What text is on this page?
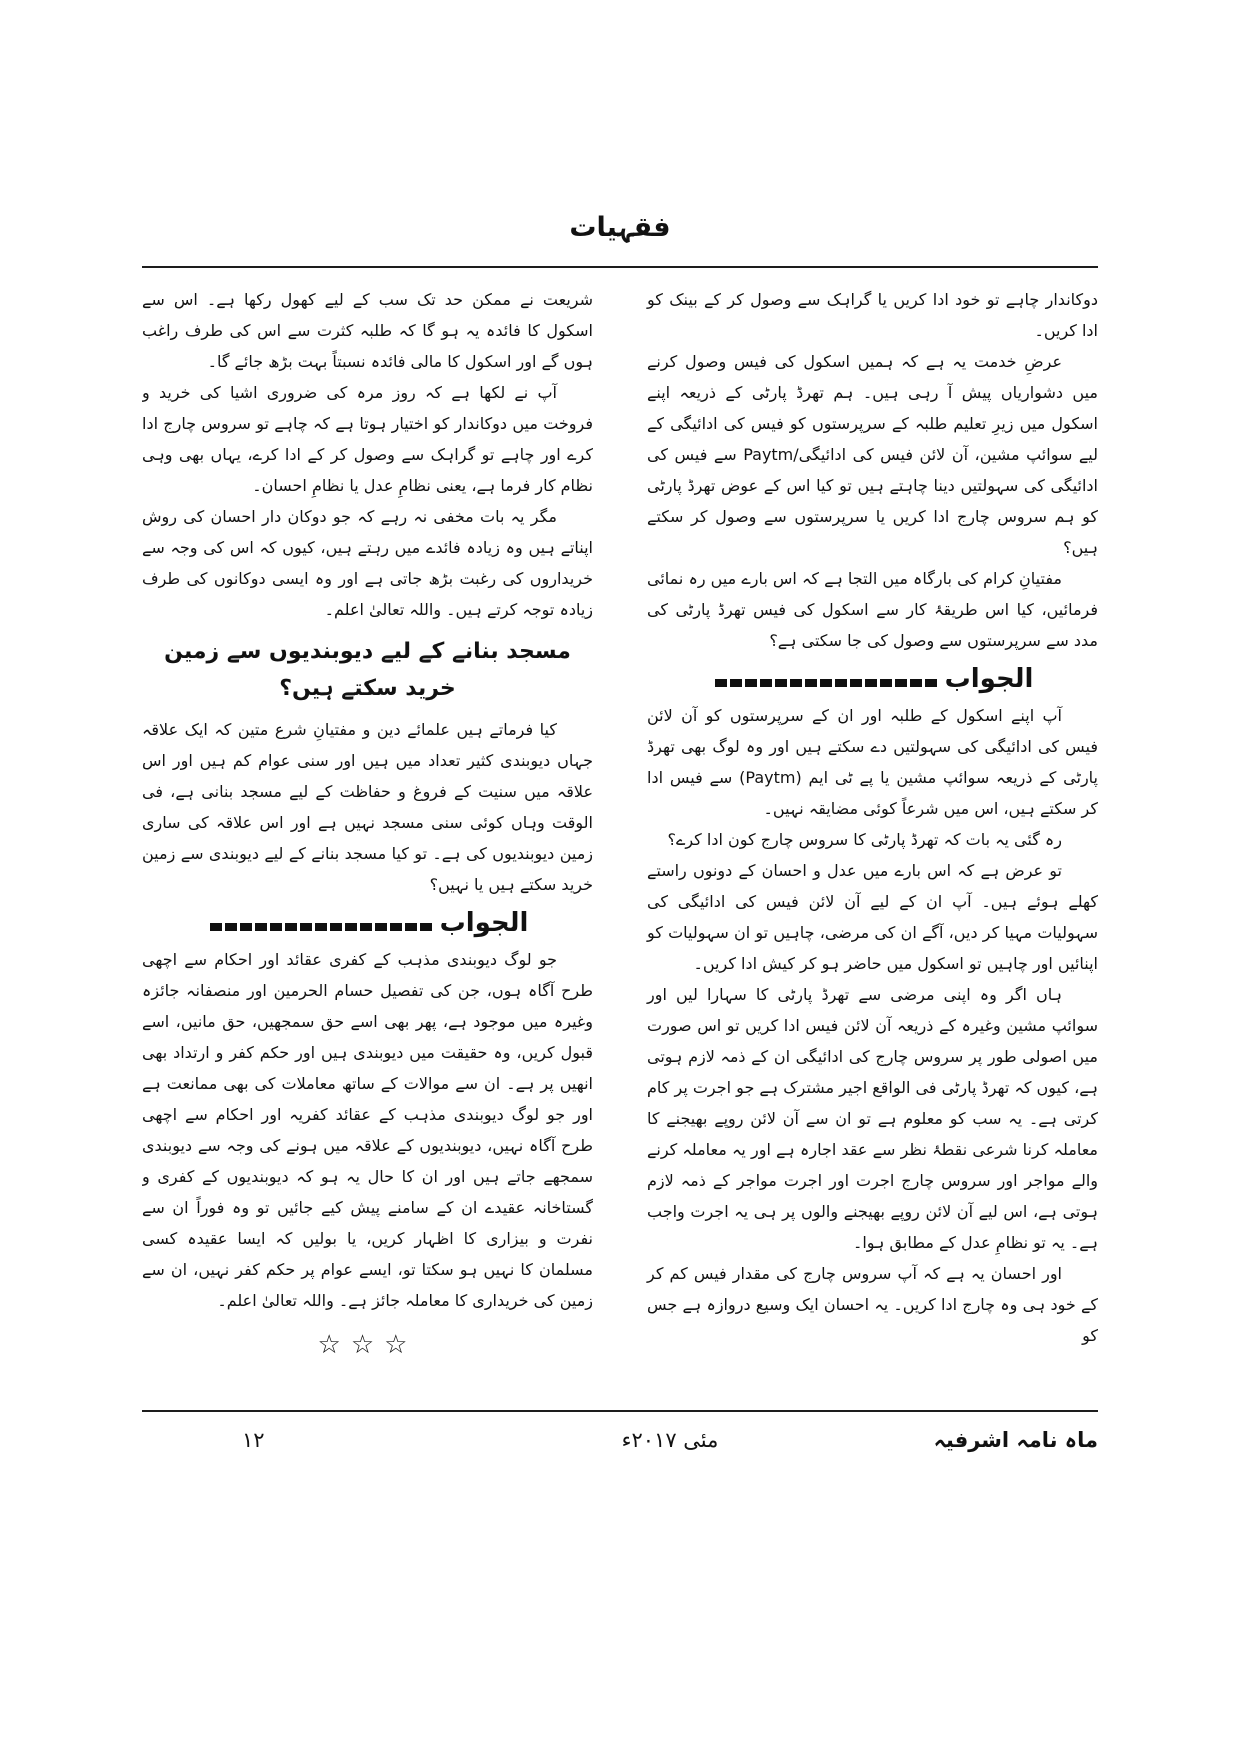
فقہیات

دوکاندار چاہے تو خود ادا کریں یا گراہک سے وصول کر کے بینک کو ادا کریں۔

عرضِ خدمت یہ ہے کہ ہمیں اسکول کی فیس وصول کرنے میں دشواریاں پیش آ رہی ہیں۔ ہم تھرڈ پارٹی کے ذریعہ اپنے اسکول میں زیرِ تعلیم طلبہ کے سرپرستوں کو فیس کی ادائیگی کے لیے سوائپ مشین، آن لائن فیس کی ادائیگی/Paytm سے فیس کی ادائیگی کی سہولتیں دینا چاہتے ہیں تو کیا اس کے عوض تھرڈ پارٹی کو ہم سروس چارج ادا کریں یا سرپرستوں سے وصول کر سکتے ہیں؟

مفتیانِ کرام کی بارگاہ میں التجا ہے کہ اس بارے میں رہ نمائی فرمائیں، کیا اس طریقۂ کار سے اسکول کی فیس تھرڈ پارٹی کی مدد سے سرپرستوں سے وصول کی جا سکتی ہے؟

الجواب

آپ اپنے اسکول کے طلبہ اور ان کے سرپرستوں کو آن لائن فیس کی ادائیگی کی سہولتیں دے سکتے ہیں اور وہ لوگ بھی تھرڈ پارٹی کے ذریعہ سوائپ مشین یا پے ٹی ایم (Paytm) سے فیس ادا کر سکتے ہیں، اس میں شرعاً کوئی مضایقہ نہیں۔

رہ گئی یہ بات کہ تھرڈ پارٹی کا سروس چارج کون ادا کرے؟

تو عرض ہے کہ اس بارے میں عدل و احسان کے دونوں راستے کھلے ہوئے ہیں۔ آپ ان کے لیے آن لائن فیس کی ادائیگی کی سہولیات مہیا کر دیں، آگے ان کی مرضی، چاہیں تو ان سہولیات کو اپنائیں اور چاہیں تو اسکول میں حاضر ہو کر کیش ادا کریں۔

ہاں اگر وہ اپنی مرضی سے تھرڈ پارٹی کا سہارا لیں اور سوائپ مشین وغیرہ کے ذریعہ آن لائن فیس ادا کریں تو اس صورت میں اصولی طور پر سروس چارج کی ادائیگی ان کے ذمہ لازم ہوتی ہے، کیوں کہ تھرڈ پارٹی فی الواقع اجیر مشترک ہے جو اجرت پر کام کرتی ہے۔ یہ سب کو معلوم ہے تو ان سے آن لائن روپے بھیجنے کا معاملہ کرنا شرعی نقطۂ نظر سے عقد اجارہ ہے اور یہ معاملہ کرنے والے مواجر اور سروس چارج اجرت اور اجرت مواجر کے ذمہ لازم ہوتی ہے، اس لیے آن لائن روپے بھیجنے والوں پر ہی یہ اجرت واجب ہے۔ یہ تو نظامِ عدل کے مطابق ہوا۔

اور احسان یہ ہے کہ آپ سروس چارج کی مقدار فیس کم کر کے خود ہی وہ چارج ادا کریں۔ یہ احسان ایک وسیع دروازہ ہے جس کو

شریعت نے ممکن حد تک سب کے لیے کھول رکھا ہے۔ اس سے اسکول کا فائدہ یہ ہو گا کہ طلبہ کثرت سے اس کی طرف راغب ہوں گے اور اسکول کا مالی فائدہ نسبتاً بہت بڑھ جائے گا۔

آپ نے لکھا ہے کہ روز مرہ کی ضروری اشیا کی خرید و فروخت میں دوکاندار کو اختیار ہوتا ہے کہ چاہے تو سروس چارج ادا کرے اور چاہے تو گراہک سے وصول کر کے ادا کرے، یہاں بھی وہی نظام کار فرما ہے، یعنی نظامِ عدل یا نظامِ احسان۔

مگر یہ بات مخفی نہ رہے کہ جو دوکان دار احسان کی روش اپناتے ہیں وہ زیادہ فائدے میں رہتے ہیں، کیوں کہ اس کی وجہ سے خریداروں کی رغبت بڑھ جاتی ہے اور وہ ایسی دوکانوں کی طرف زیادہ توجہ کرتے ہیں۔ واللہ تعالیٰ اعلم۔

مسجد بنانے کے لیے دیوبندیوں سے زمین خرید سکتے ہیں؟

کیا فرماتے ہیں علمائے دین و مفتیانِ شرع متین کہ ایک علاقہ جہاں دیوبندی کثیر تعداد میں ہیں اور سنی عوام کم ہیں اور اس علاقہ میں سنیت کے فروغ و حفاظت کے لیے مسجد بنانی ہے، فی الوقت وہاں کوئی سنی مسجد نہیں ہے اور اس علاقہ کی ساری زمین دیوبندیوں کی ہے۔ تو کیا مسجد بنانے کے لیے دیوبندی سے زمین خرید سکتے ہیں یا نہیں؟

الجواب

جو لوگ دیوبندی مذہب کے کفری عقائد اور احکام سے اچھی طرح آگاہ ہوں، جن کی تفصیل حسام الحرمین اور منصفانہ جائزہ وغیرہ میں موجود ہے، پھر بھی اسے حق سمجھیں، حق مانیں، اسے قبول کریں، وہ حقیقت میں دیوبندی ہیں اور حکم کفر و ارتداد بھی انھیں پر ہے۔ ان سے موالات کے ساتھ معاملات کی بھی ممانعت ہے اور جو لوگ دیوبندی مذہب کے عقائد کفریہ اور احکام سے اچھی طرح آگاہ نہیں، دیوبندیوں کے علاقہ میں ہونے کی وجہ سے دیوبندی سمجھے جاتے ہیں اور ان کا حال یہ ہو کہ دیوبندیوں کے کفری و گستاخانہ عقیدے ان کے سامنے پیش کیے جائیں تو وہ فوراً ان سے نفرت و بیزاری کا اظہار کریں، یا بولیں کہ ایسا عقیدہ کسی مسلمان کا نہیں ہو سکتا تو، ایسے عوام پر حکم کفر نہیں، ان سے زمین کی خریداری کا معاملہ جائز ہے۔ واللہ تعالیٰ اعلم۔

☆☆☆
ماہ نامہ اشرفیہ
مئی ۲۰۱۷ء
۱۲
